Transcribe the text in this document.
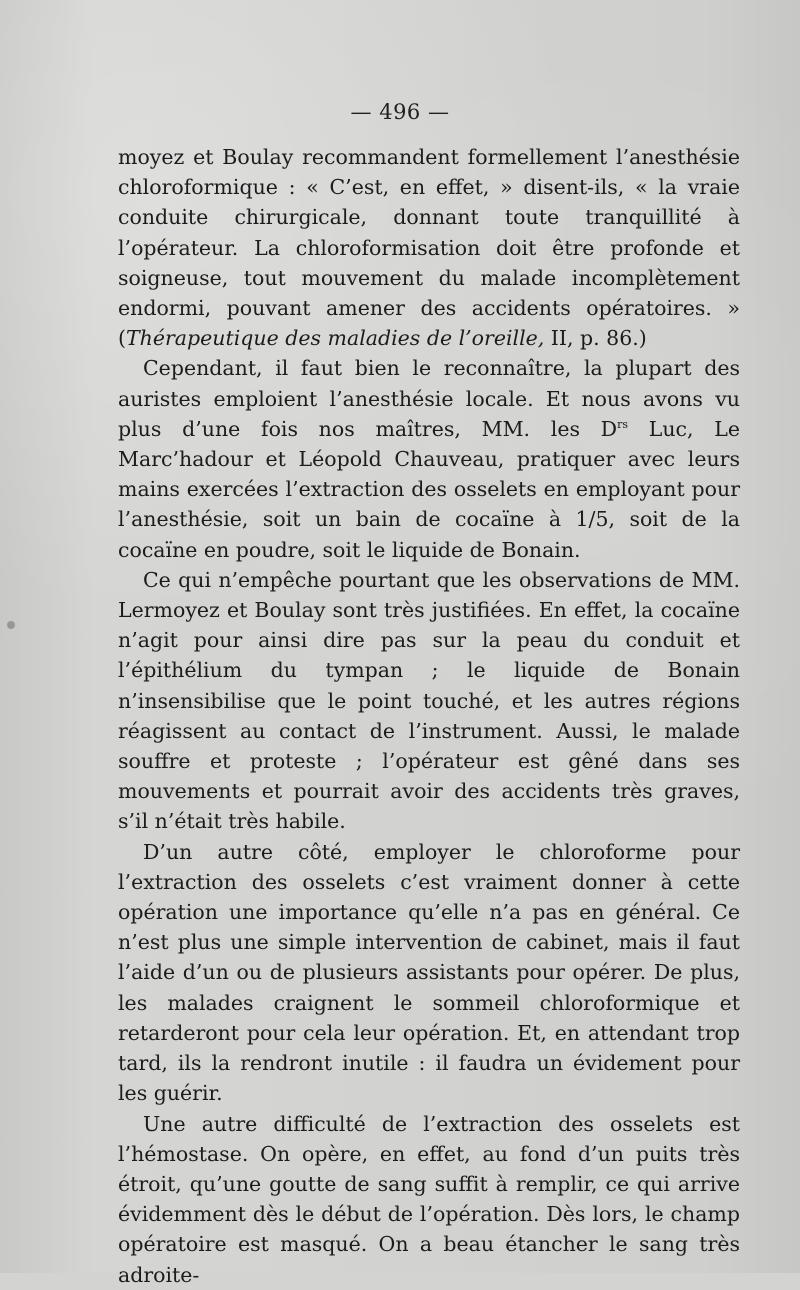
— 496 —

moyez et Boulay recommandent formellement l’anesthésie chloroformique : « C’est, en effet, » disent-ils, « la vraie conduite chirurgicale, donnant toute tranquillité à l’opérateur. La chloroformisation doit être profonde et soigneuse, tout mouvement du malade incomplètement endormi, pouvant amener des accidents opératoires. » (Thérapeutique des maladies de l’oreille, II, p. 86.)

Cependant, il faut bien le reconnaître, la plupart des auristes emploient l’anesthésie locale. Et nous avons vu plus d’une fois nos maîtres, MM. les $D^{rs}$ Luc, Le Marc’hadour et Léopold Chauveau, pratiquer avec leurs mains exercées l’extraction des osselets en employant pour l’anesthésie, soit un bain de cocaïne à 1/5, soit de la cocaïne en poudre, soit le liquide de Bonain.

Ce qui n’empêche pourtant que les observations de MM. Lermoyez et Boulay sont très justifiées. En effet, la cocaïne n’agit pour ainsi dire pas sur la peau du conduit et l’épithélium du tympan ; le liquide de Bonain n’insensibilise que le point touché, et les autres régions réagissent au contact de l’instrument. Aussi, le malade souffre et proteste ; l’opérateur est gêné dans ses mouvements et pourrait avoir des accidents très graves, s’il n’était très habile.

D’un autre côté, employer le chloroforme pour l’extraction des osselets c’est vraiment donner à cette opération une importance qu’elle n’a pas en général. Ce n’est plus une simple intervention de cabinet, mais il faut l’aide d’un ou de plusieurs assistants pour opérer. De plus, les malades craignent le sommeil chloroformique et retarderont pour cela leur opération. Et, en attendant trop tard, ils la rendront inutile : il faudra un évidement pour les guérir.

Une autre difficulté de l’extraction des osselets est l’hémostase. On opère, en effet, au fond d’un puits très étroit, qu’une goutte de sang suffit à remplir, ce qui arrive évidemment dès le début de l’opération. Dès lors, le champ opératoire est masqué. On a beau étancher le sang très adroite-
